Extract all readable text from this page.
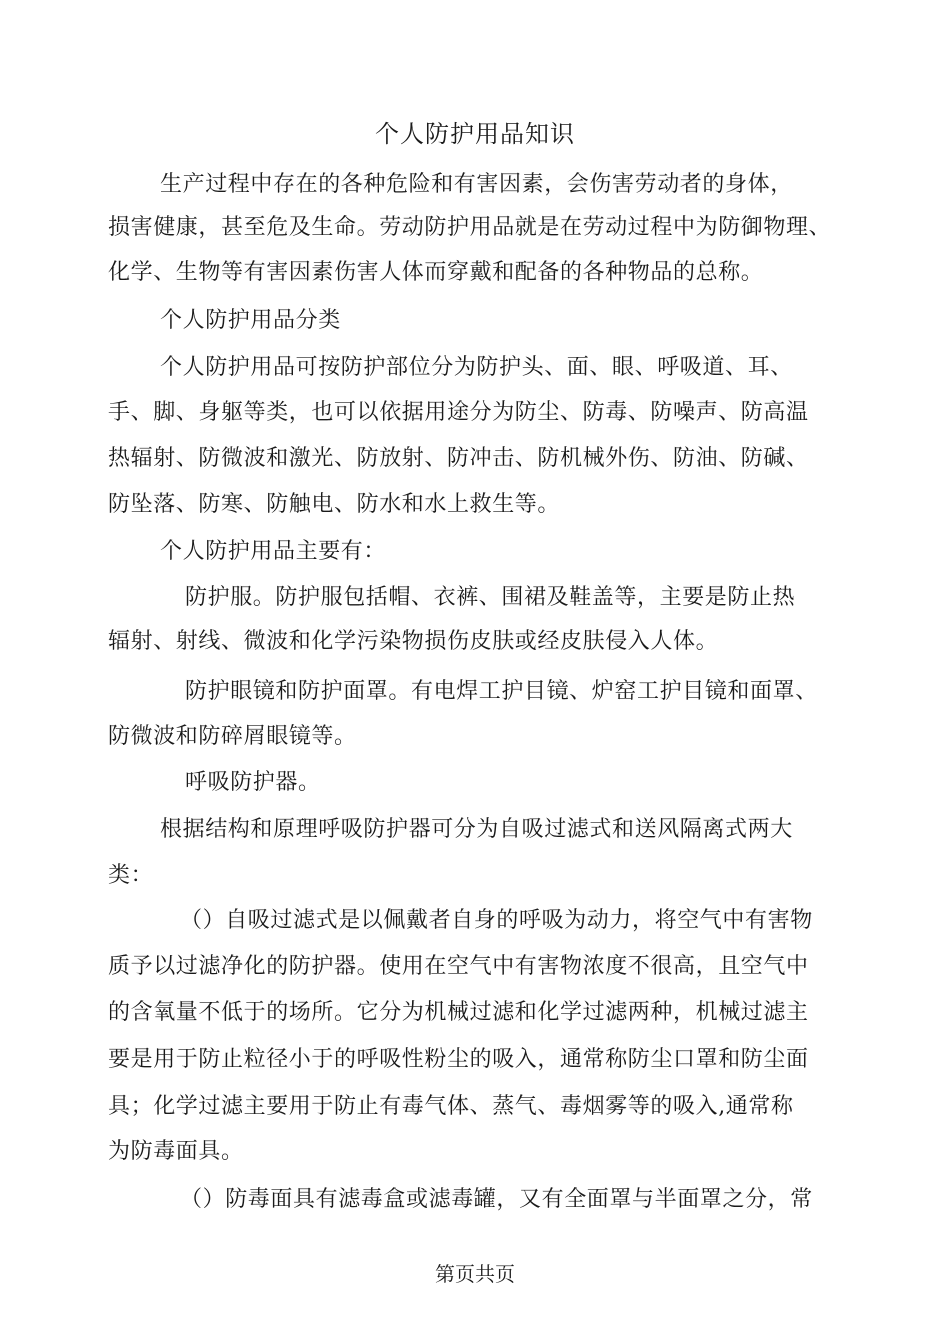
个人防护用品知识
生产过程中存在的各种危险和有害因素，会伤害劳动者的身体，
损害健康，甚至危及生命。劳动防护用品就是在劳动过程中为防御物理、
化学、生物等有害因素伤害人体而穿戴和配备的各种物品的总称。
个人防护用品分类
个人防护用品可按防护部位分为防护头、面、眼、呼吸道、耳、
手、脚、身躯等类，也可以依据用途分为防尘、防毒、防噪声、防高温
热辐射、防微波和激光、防放射、防冲击、防机械外伤、防油、防碱、
防坠落、防寒、防触电、防水和水上救生等。
个人防护用品主要有：
防护服。防护服包括帽、衣裤、围裙及鞋盖等，主要是防止热
辐射、射线、微波和化学污染物损伤皮肤或经皮肤侵入人体。
防护眼镜和防护面罩。有电焊工护目镜、炉窑工护目镜和面罩、
防微波和防碎屑眼镜等。
呼吸防护器。
根据结构和原理呼吸防护器可分为自吸过滤式和送风隔离式两大
类：
（）自吸过滤式是以佩戴者自身的呼吸为动力，将空气中有害物
质予以过滤净化的防护器。使用在空气中有害物浓度不很高，且空气中
的含氧量不低于的场所。它分为机械过滤和化学过滤两种，机械过滤主
要是用于防止粒径小于的呼吸性粉尘的吸入，通常称防尘口罩和防尘面
具；化学过滤主要用于防止有毒气体、蒸气、毒烟雾等的吸入,通常称
为防毒面具。
（）防毒面具有滤毒盒或滤毒罐，又有全面罩与半面罩之分，常
第页共页
